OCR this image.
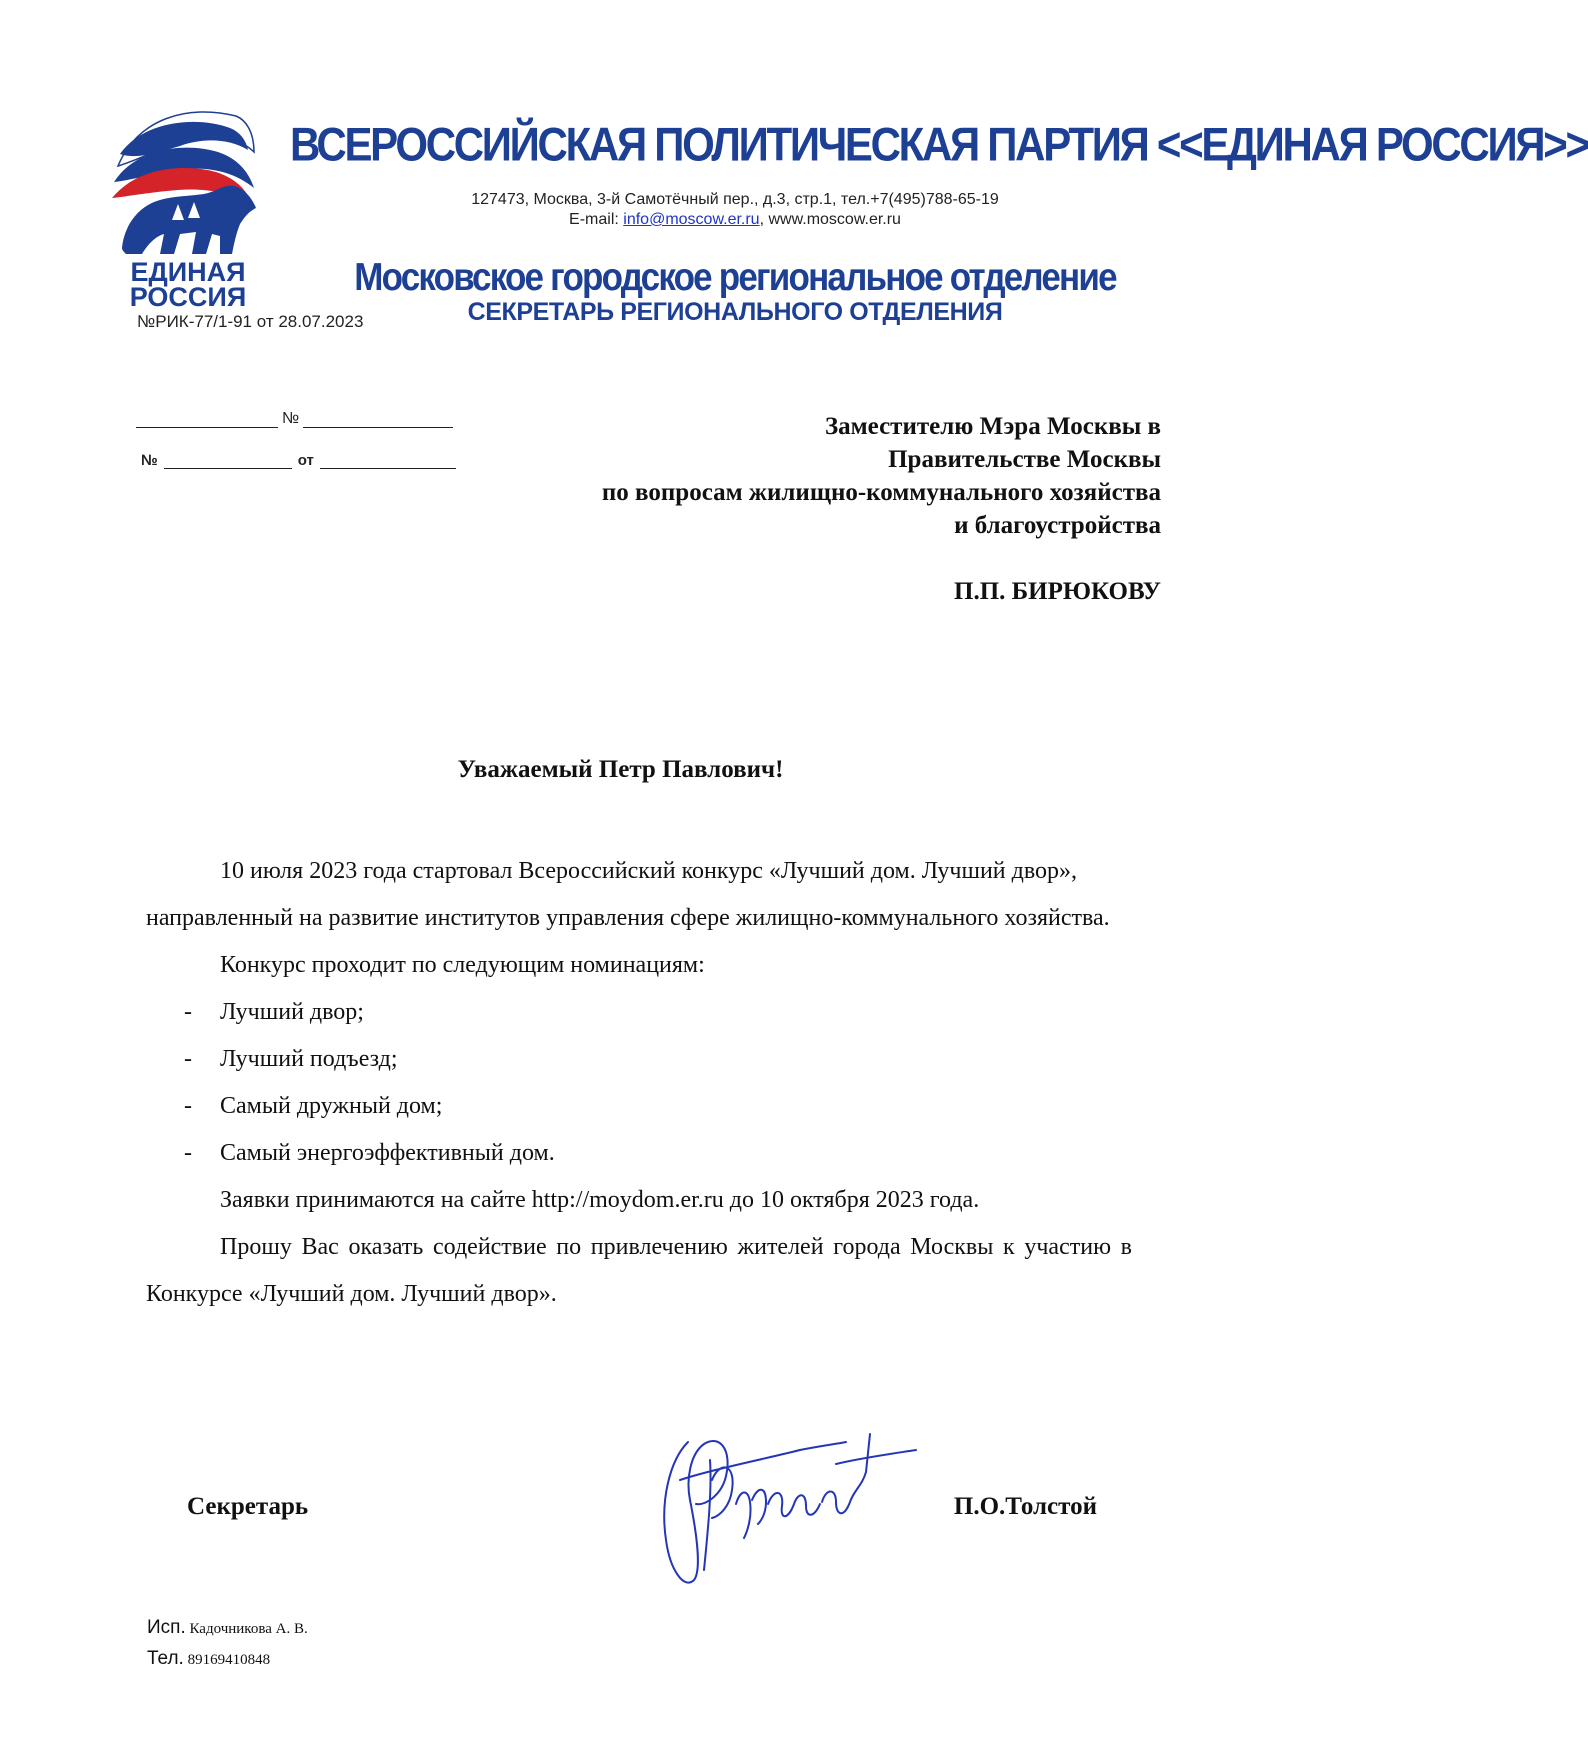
ЕДИНАЯ
РОССИЯ
ВСЕРОССИЙСКАЯ ПОЛИТИЧЕСКАЯ ПАРТИЯ <<ЕДИНАЯ РОССИЯ>>
127473, Москва, 3-й Самотёчный пер., д.3, стр.1, тел.+7(495)788-65-19
E-mail: info@moscow.er.ru, www.moscow.er.ru
Московское городское региональное отделение
СЕКРЕТАРЬ РЕГИОНАЛЬНОГО ОТДЕЛЕНИЯ
№РИК-77/1-91 от 28.07.2023
№
№	от
Заместителю Мэра Москвы в
Правительстве Москвы
по вопросам жилищно-коммунального хозяйства
и благоустройства
П.П. БИРЮКОВУ
Уважаемый Петр Павлович!

10 июля 2023 года стартовал Всероссийский конкурс «Лучший дом. Лучший двор», направленный на развитие институтов управления сфере жилищно-коммунального хозяйства.

Конкурс проходит по следующим номинациям:

- Лучший двор;
- Лучший подъезд;
- Самый дружный дом;
- Самый энергоэффективный дом.

Заявки принимаются на сайте http://moydom.er.ru до 10 октября 2023 года.

Прошу Вас оказать содействие по привлечению жителей города Москвы к участию в Конкурсе «Лучший дом. Лучший двор».

Секретарь	П.О.Толстой
Исп. Кадочникова А. В.
Тел. 89169410848
